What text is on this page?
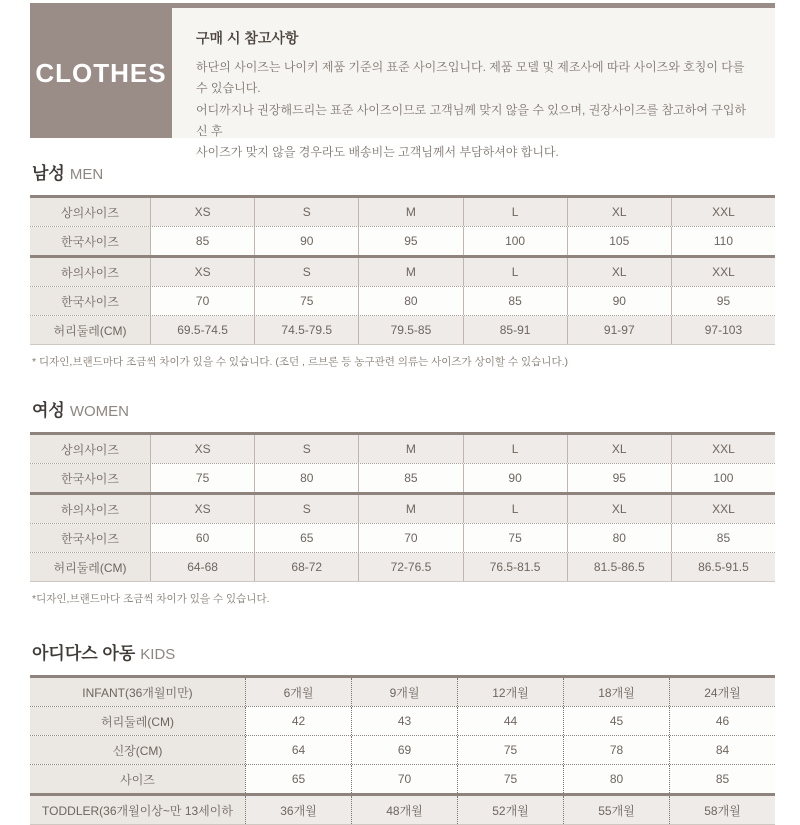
CLOTHES
구매 시 참고사항
하단의 사이즈는 나이키 제품 기준의 표준 사이즈입니다. 제품 모델 및 제조사에 따라 사이즈와 호칭이 다를 수 있습니다.
어디까지나 권장해드리는 표준 사이즈이므로 고객님께 맞지 않을 수 있으며, 권장사이즈를 참고하여 구입하신 후
사이즈가 맞지 않을 경우라도 배송비는 고객님께서 부담하셔야 합니다.
남성 MEN
상의사이즈	XS	S	M	L	XL	XXL
한국사이즈	85	90	95	100	105	110
하의사이즈	XS	S	M	L	XL	XXL
한국사이즈	70	75	80	85	90	95
허리둘레(CM)	69.5-74.5	74.5-79.5	79.5-85	85-91	91-97	97-103
* 디자인,브랜드마다 조금씩 차이가 있을 수 있습니다. (조던 , 르브론 등 농구관련 의류는 사이즈가 상이할 수 있습니다.)
여성 WOMEN
상의사이즈	XS	S	M	L	XL	XXL
한국사이즈	75	80	85	90	95	100
하의사이즈	XS	S	M	L	XL	XXL
한국사이즈	60	65	70	75	80	85
허리둘레(CM)	64-68	68-72	72-76.5	76.5-81.5	81.5-86.5	86.5-91.5
*디자인,브랜드마다 조금씩 차이가 있을 수 있습니다.
아디다스 아동 KIDS
INFANT(36개월미만)	6개월	9개월	12개월	18개월	24개월
허리둘레(CM)	42	43	44	45	46
신장(CM)	64	69	75	78	84
사이즈	65	70	75	80	85
TODDLER(36개월이상~만 13세이하	36개월	48개월	52개월	55개월	58개월
